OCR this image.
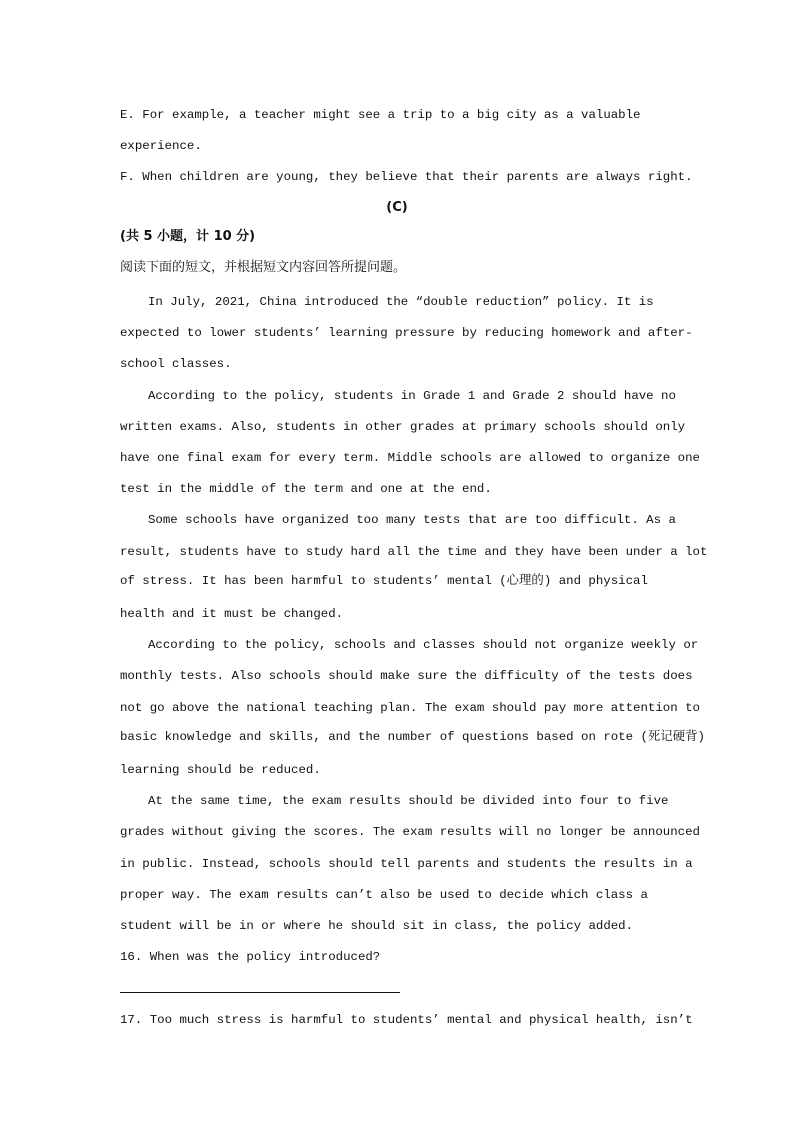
E. For example, a teacher might see a trip to a big city as a valuable
experience.
F. When children are young, they believe that their parents are always right.
(C)
(共 5 小题，计 10 分)
阅读下面的短文，并根据短文内容回答所提问题。
In July, 2021, China introduced the “double reduction” policy. It is
expected to lower students’ learning pressure by reducing homework and after-
school classes.
According to the policy, students in Grade 1 and Grade 2 should have no
written exams. Also, students in other grades at primary schools should only
have one final exam for every term. Middle schools are allowed to organize one
test in the middle of the term and one at the end.
Some schools have organized too many tests that are too difficult. As a
result, students have to study hard all the time and they have been under a lot
of stress. It has been harmful to students’ mental (心理的) and physical
health and it must be changed.
According to the policy, schools and classes should not organize weekly or
monthly tests. Also schools should make sure the difficulty of the tests does
not go above the national teaching plan. The exam should pay more attention to
basic knowledge and skills, and the number of questions based on rote (死记硬背)
learning should be reduced.
At the same time, the exam results should be divided into four to five
grades without giving the scores. The exam results will no longer be announced
in public. Instead, schools should tell parents and students the results in a
proper way. The exam results can’t also be used to decide which class a
student will be in or where he should sit in class, the policy added.
16. When was the policy introduced?
17. Too much stress is harmful to students’ mental and physical health, isn’t
